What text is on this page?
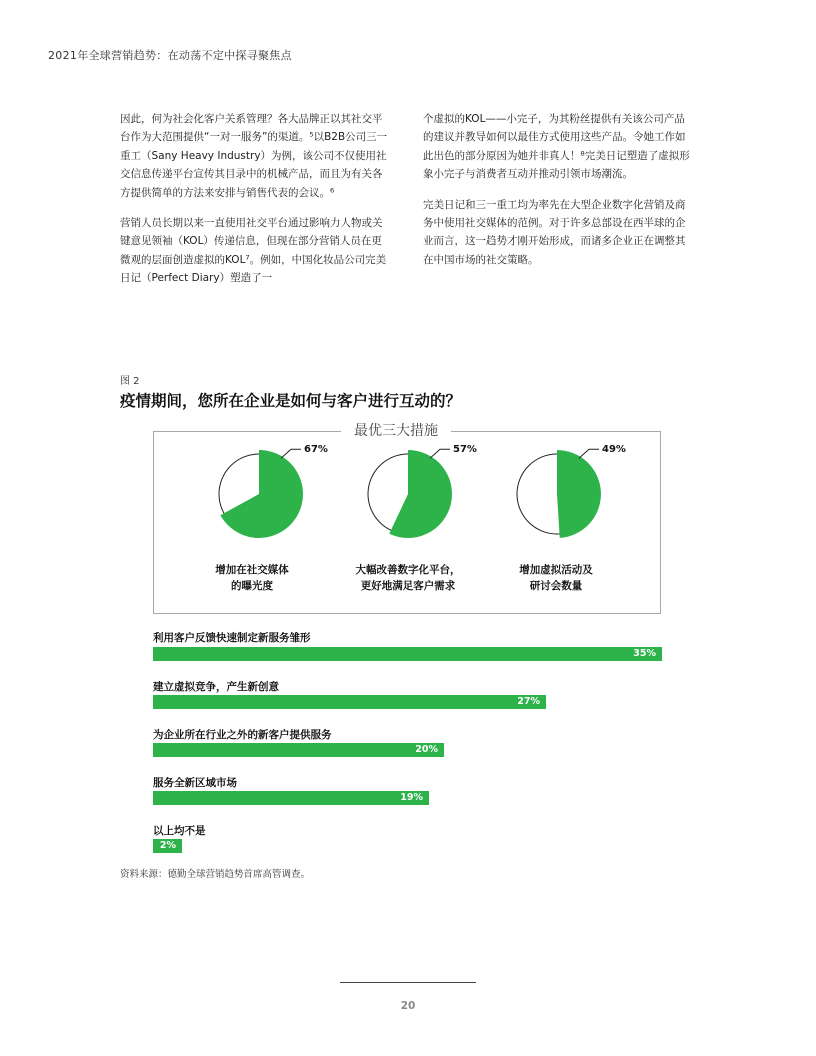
2021年全球营销趋势：在动荡不定中探寻聚焦点

因此，何为社会化客户关系管理？各大品牌正以其社交平台作为大范围提供“一对一服务”的渠道。⁵以B2B公司三一重工（Sany Heavy Industry）为例，该公司不仅使用社交信息传递平台宣传其目录中的机械产品，而且为有关各方提供简单的方法来安排与销售代表的会议。⁶

营销人员长期以来一直使用社交平台通过影响力人物或关键意见领袖（KOL）传递信息，但现在部分营销人员在更微观的层面创造虚拟的KOL⁷。例如，中国化妆品公司完美日记（Perfect Diary）塑造了一

个虚拟的KOL——小完子，为其粉丝提供有关该公司产品的建议并教导如何以最佳方式使用这些产品。令她工作如此出色的部分原因为她并非真人！⁸完美日记塑造了虚拟形象小完子与消费者互动并推动引领市场潮流。

完美日记和三一重工均为率先在大型企业数字化营销及商务中使用社交媒体的范例。对于许多总部设在西半球的企业而言，这一趋势才刚开始形成，而诸多企业正在调整其在中国市场的社交策略。

图 2
疫情期间，您所在企业是如何与客户进行互动的？
最优三大措施
67%
增加在社交媒体
的曝光度
57%
大幅改善数字化平台，
更好地满足客户需求
49%
增加虚拟活动及
研讨会数量
利用客户反馈快速制定新服务雏形
35%
建立虚拟竞争，产生新创意
27%
为企业所在行业之外的新客户提供服务
20%
服务全新区域市场
19%
以上均不是
2%
资料来源：德勤全球营销趋势首席高管调查。
20
